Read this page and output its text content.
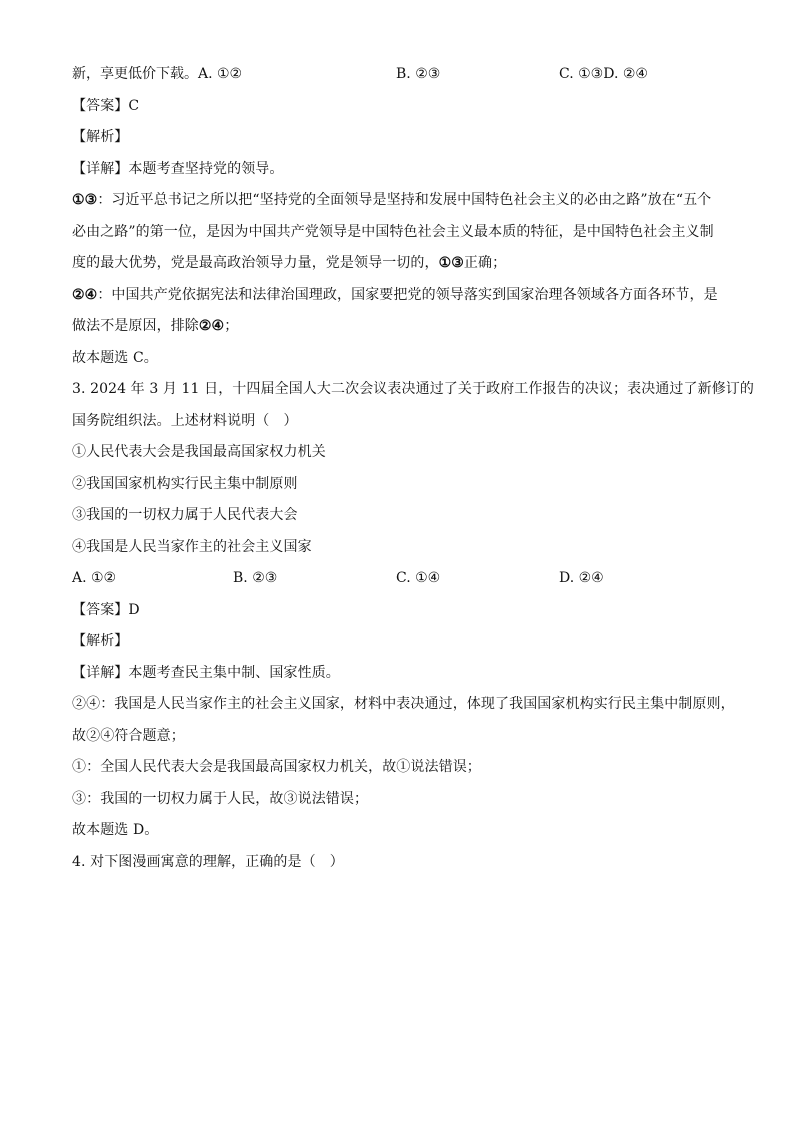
新，享更低价下载。A. ①②	B. ②③	C. ①③D. ②④
【答案】C
【解析】
【详解】本题考查坚持党的领导。
①③：习近平总书记之所以把“坚持党的全面领导是坚持和发展中国特色社会主义的必由之路”放在“五个
必由之路”的第一位，是因为中国共产党领导是中国特色社会主义最本质的特征，是中国特色社会主义制
度的最大优势，党是最高政治领导力量，党是领导一切的，①③正确；
②④：中国共产党依据宪法和法律治国理政，国家要把党的领导落实到国家治理各领域各方面各环节，是
做法不是原因，排除②④；
故本题选 C。
3. 2024 年 3 月 11 日，十四届全国人大二次会议表决通过了关于政府工作报告的决议；表决通过了新修订的
国务院组织法。上述材料说明（　）
①人民代表大会是我国最高国家权力机关
②我国国家机构实行民主集中制原则
③我国的一切权力属于人民代表大会
④我国是人民当家作主的社会主义国家
A. ①②	B. ②③	C. ①④	D. ②④
【答案】D
【解析】
【详解】本题考查民主集中制、国家性质。
②④：我国是人民当家作主的社会主义国家，材料中表决通过，体现了我国国家机构实行民主集中制原则，
故②④符合题意；
①：全国人民代表大会是我国最高国家权力机关，故①说法错误；
③：我国的一切权力属于人民，故③说法错误；
故本题选 D。
4. 对下图漫画寓意的理解，正确的是（　）
